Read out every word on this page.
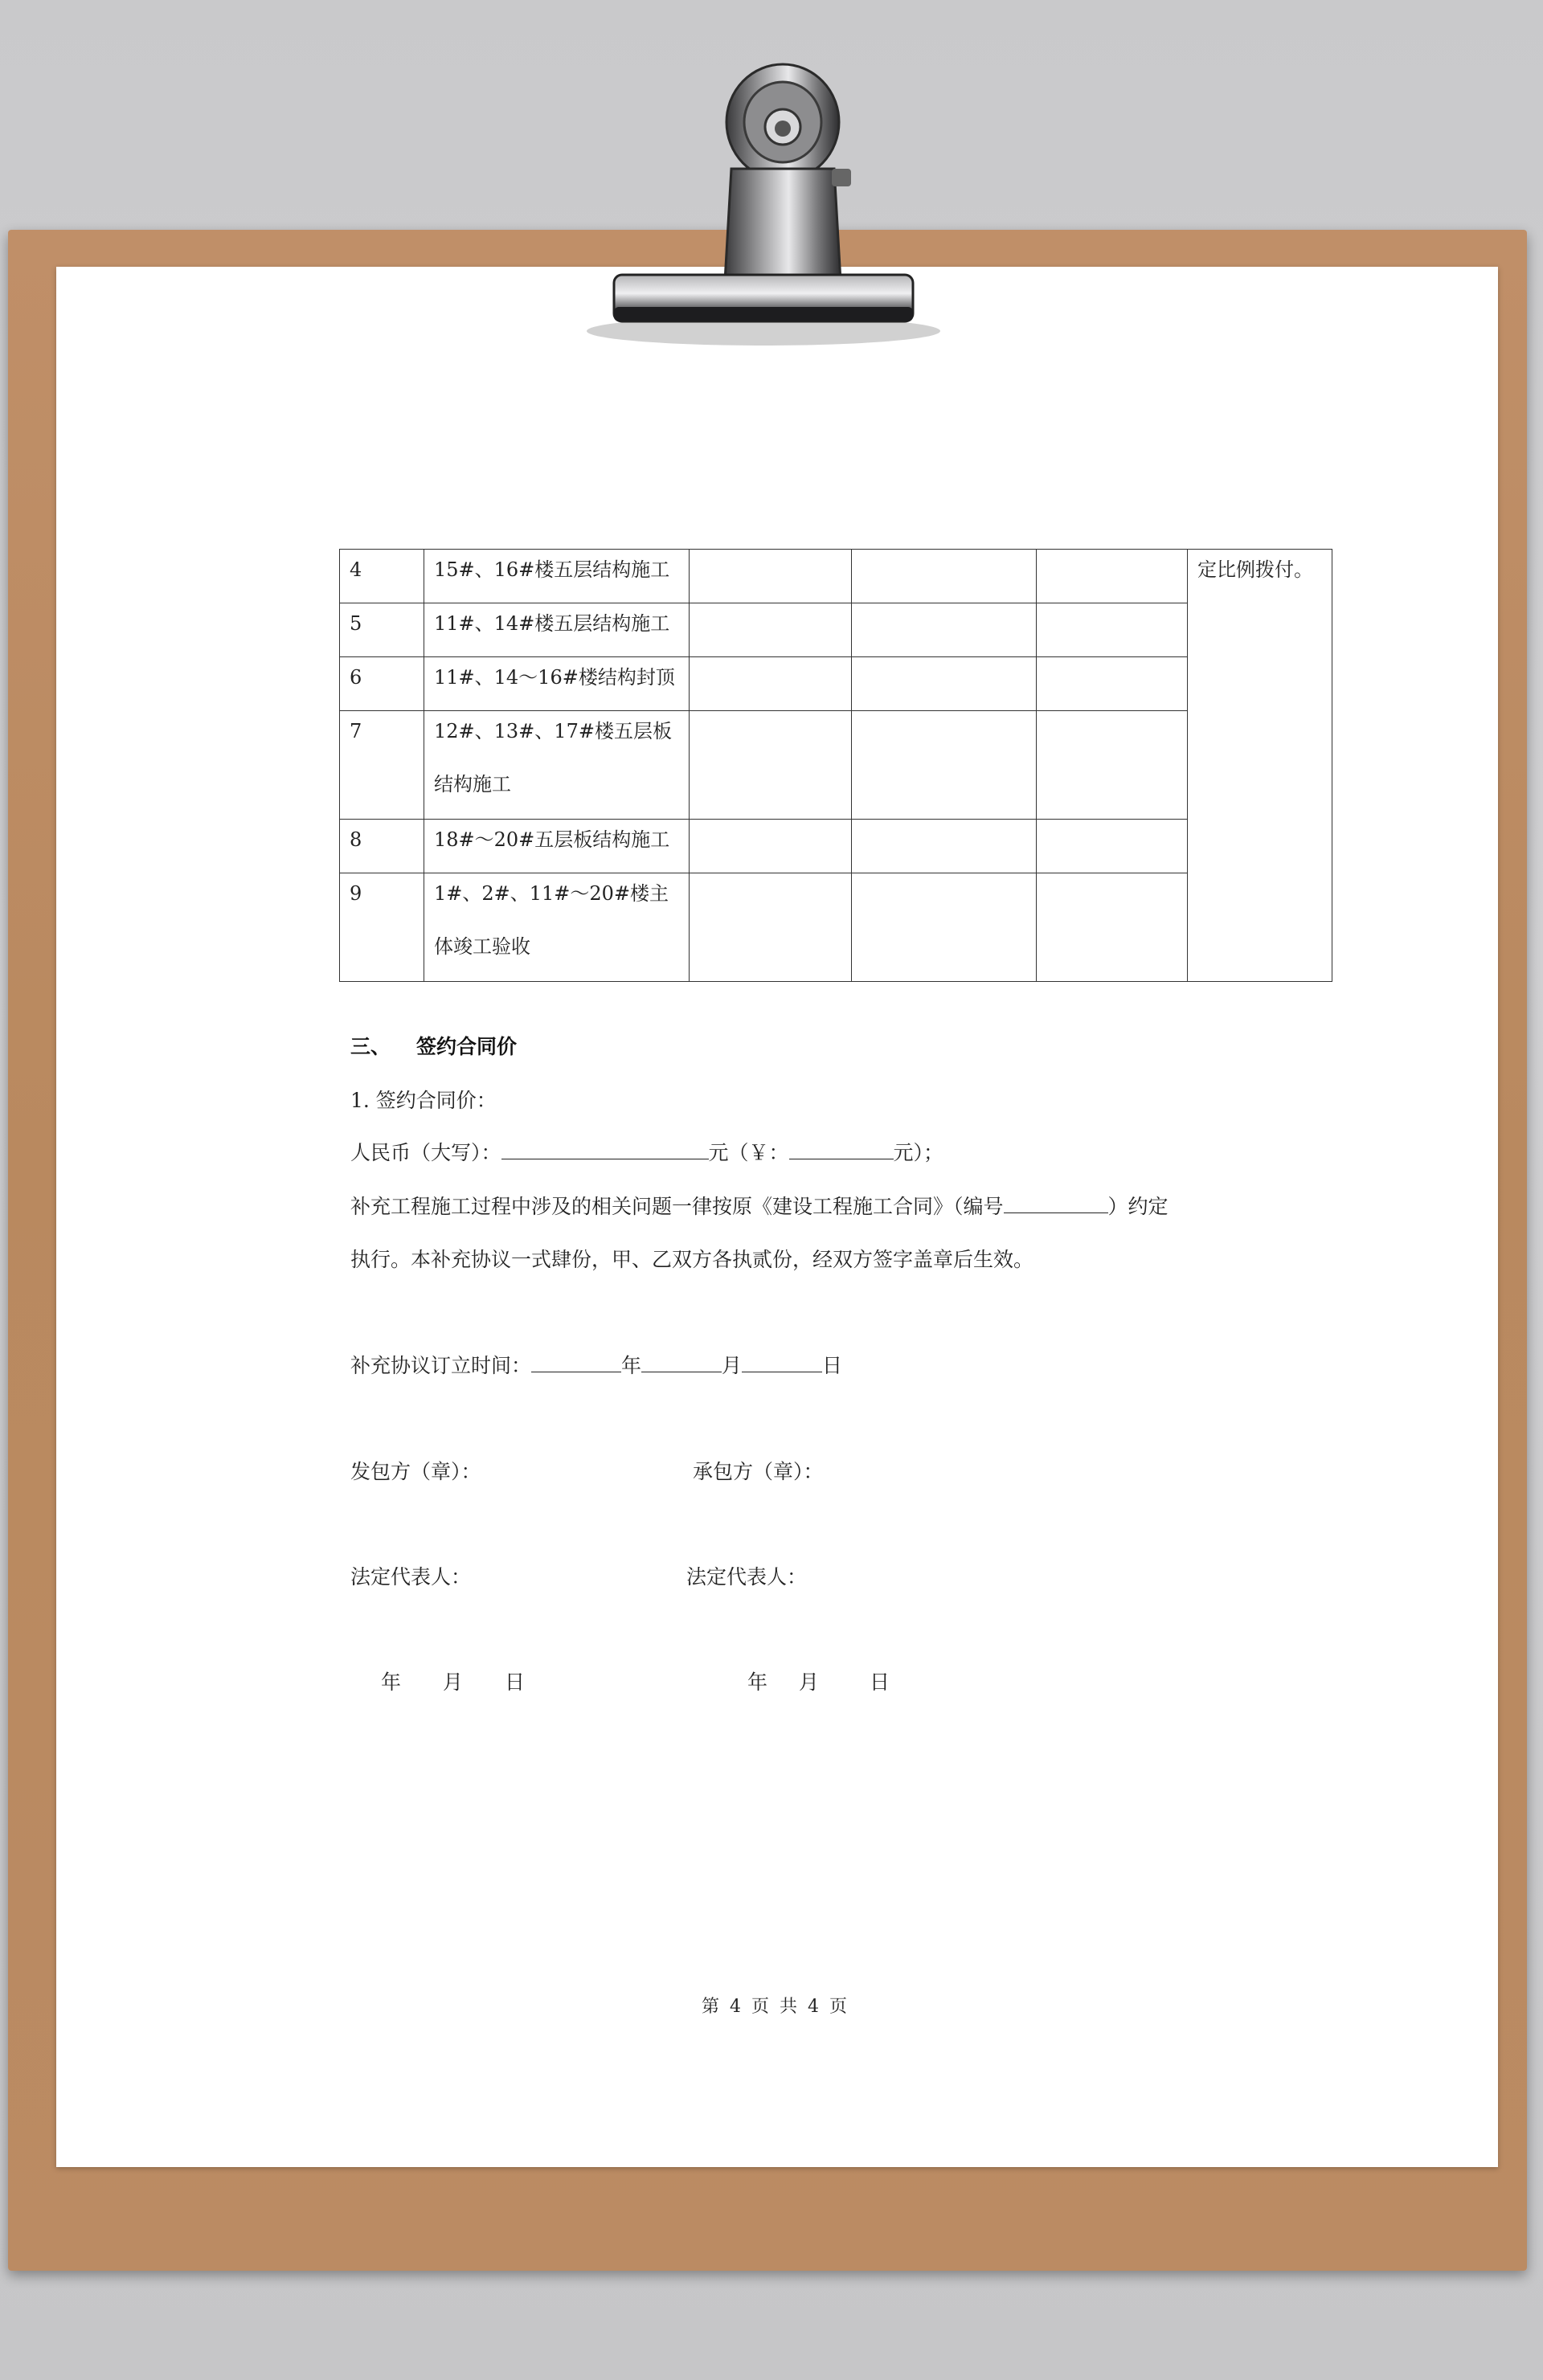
4	15#、16#楼五层结构施工				定比例拨付。

5	11#、14#楼五层结构施工				

6	11#、14～16#楼结构封顶				

7	12#、13#、17#楼五层板结构施工				

8	18#～20#五层板结构施工				

9	1#、2#、11#～20#楼主体竣工验收				

三、 签约合同价
1. 签约合同价：
人民币（大写）：	元（￥：	元）；
补充工程施工过程中涉及的相关问题一律按原《建设工程施工合同》（编号	）约定
执行。本补充协议一式肆份，甲、乙双方各执贰份，经双方签字盖章后生效。
补充协议订立时间：	年	月	日
发包方（章）：	承包方（章）：
法定代表人：	法定代表人：
年 月 日	年 月	日
第 4 页 共 4 页
